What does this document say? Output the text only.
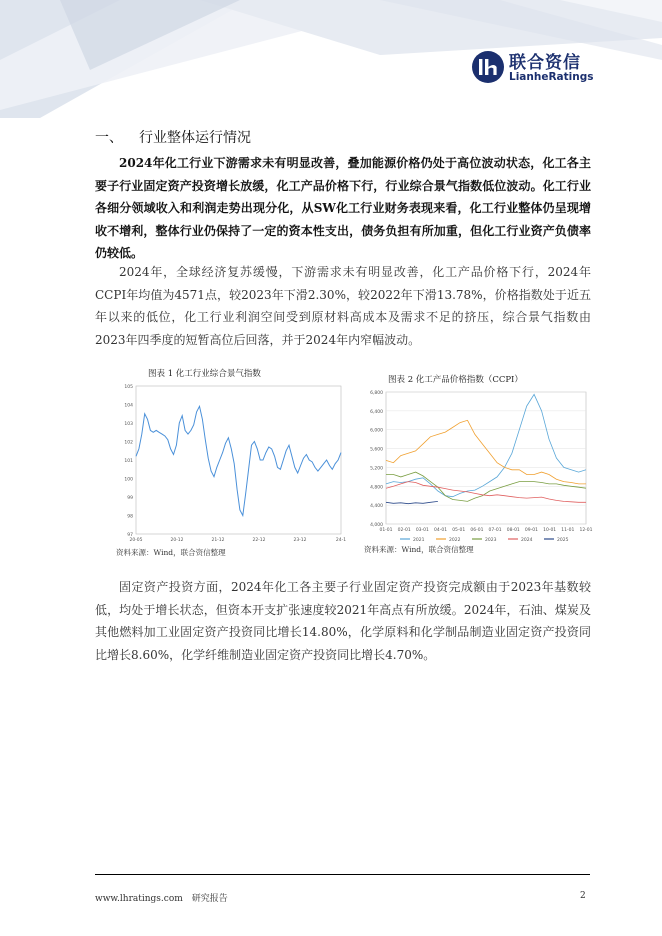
联合资信
LianheRatings
一、 行业整体运行情况

2024年化工行业下游需求未有明显改善，叠加能源价格仍处于高位波动状态，化工各主要子行业固定资产投资增长放缓，化工产品价格下行，行业综合景气指数低位波动。化工行业各细分领域收入和利润走势出现分化，从SW化工行业财务表现来看，化工行业整体仍呈现增收不增利，整体行业仍保持了一定的资本性支出，债务负担有所加重，但化工行业资产负债率仍较低。

2024年，全球经济复苏缓慢，下游需求未有明显改善，化工产品价格下行，2024年CCPI年均值为4571点，较2023年下滑2.30%，较2022年下滑13.78%，价格指数处于近五年以来的低位，化工行业利润空间受到原材料高成本及需求不足的挤压，综合景气指数由2023年四季度的短暂高位后回落，并于2024年内窄幅波动。

图表 1 化工行业综合景气指数
105
104
103
102
101
100
99
98
97
20-05	20-12	21-12	22-12	23-12	24-1
资料来源：Wind，联合资信整理
图表 2 化工产品价格指数（CCPI）
6,800
6,400
6,000
5,600
5,200
4,800
4,400
4,000
01-01 02-01 03-01 04-01 05-01 06-01 07-01 08-01 09-01 10-01 11-01 12-01
2021	2022	2023	2024	2025
资料来源：Wind，联合资信整理

固定资产投资方面，2024年化工各主要子行业固定资产投资完成额由于2023年基数较低，均处于增长状态，但资本开支扩张速度较2021年高点有所放缓。2024年，石油、煤炭及其他燃料加工业固定资产投资同比增长14.80%，化学原料和化学制品制造业固定资产投资同比增长8.60%，化学纤维制造业固定资产投资同比增长4.70%。

www.lhratings.com 研究报告	2
